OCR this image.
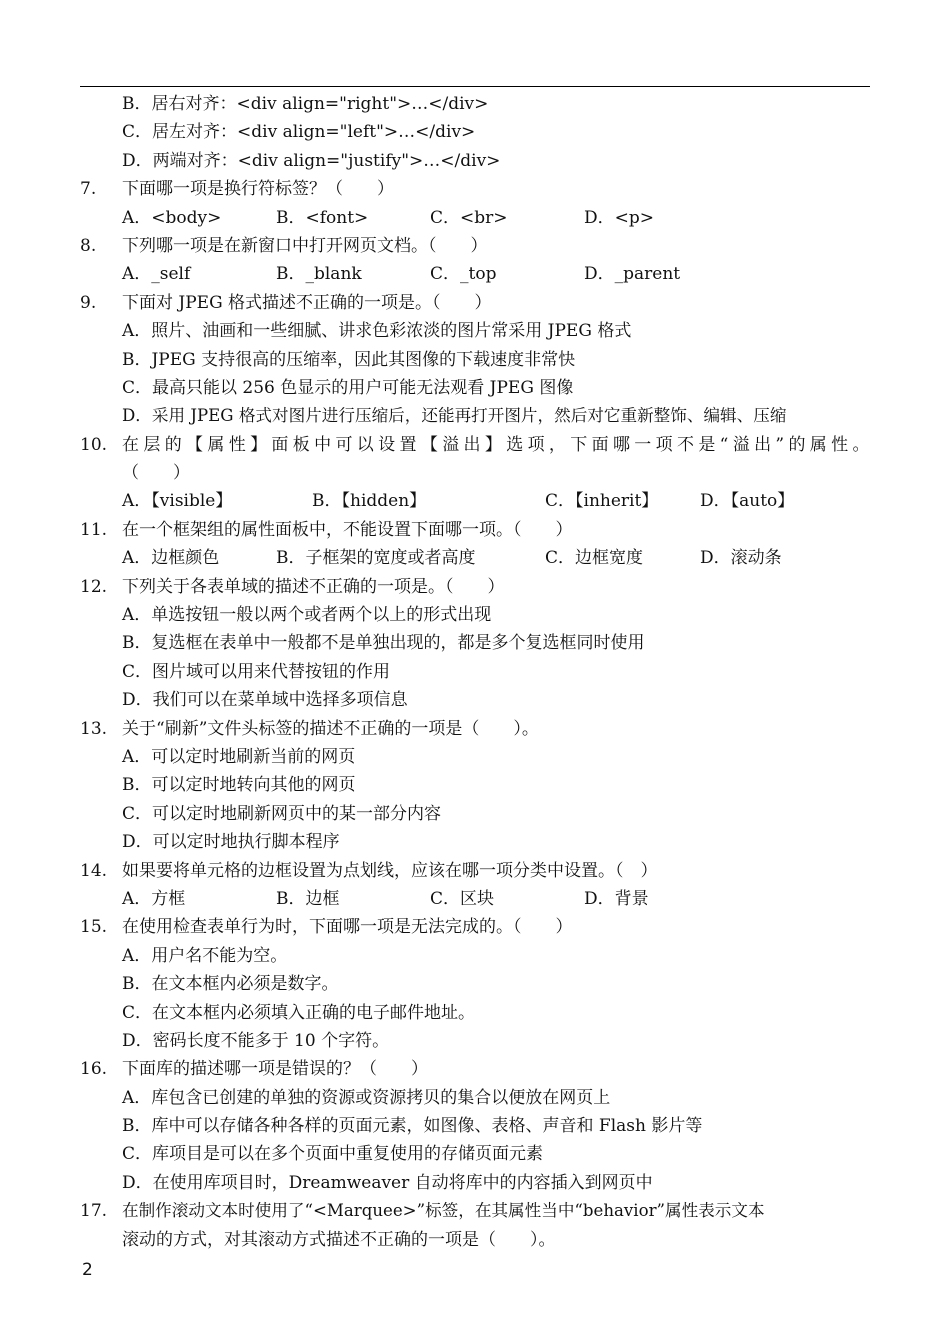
B．居右对齐：<div align="right">…</div>
C．居左对齐：<div align="left">…</div>
D．两端对齐：<div align="justify">…</div>
7. 下面哪一项是换行符标签？（　　）
A．<body>	B．<font>	C．<br>	D．<p>
8. 下列哪一项是在新窗口中打开网页文档。（　　）
A．_self	B．_blank	C．_top	D．_parent
9. 下面对 JPEG 格式描述不正确的一项是。（　　）
A．照片、油画和一些细腻、讲求色彩浓淡的图片常采用 JPEG 格式
B．JPEG 支持很高的压缩率，因此其图像的下载速度非常快
C．最高只能以 256 色显示的用户可能无法观看 JPEG 图像
D．采用 JPEG 格式对图片进行压缩后，还能再打开图片，然后对它重新整饰、编辑、压缩
10. 在层的【属性】面板中可以设置【溢出】选项，下面哪一项不是“溢出”的属性。
（　　）
A．【visible】	B．【hidden】	C．【inherit】 D．【auto】
11. 在一个框架组的属性面板中，不能设置下面哪一项。（　　）
A．边框颜色	B．子框架的宽度或者高度	C．边框宽度	D．滚动条
12. 下列关于各表单域的描述不正确的一项是。（　　）
A．单选按钮一般以两个或者两个以上的形式出现
B．复选框在表单中一般都不是单独出现的，都是多个复选框同时使用
C．图片域可以用来代替按钮的作用
D．我们可以在菜单域中选择多项信息
13. 关于“刷新”文件头标签的描述不正确的一项是（　　）。
A．可以定时地刷新当前的网页
B．可以定时地转向其他的网页
C．可以定时地刷新网页中的某一部分内容
D．可以定时地执行脚本程序
14. 如果要将单元格的边框设置为点划线，应该在哪一项分类中设置。（　）
A．方框	B．边框	C．区块	D．背景
15. 在使用检查表单行为时，下面哪一项是无法完成的。（　　）
A．用户名不能为空。
B．在文本框内必须是数字。
C．在文本框内必须填入正确的电子邮件地址。
D．密码长度不能多于 10 个字符。
16. 下面库的描述哪一项是错误的？（　　）
A．库包含已创建的单独的资源或资源拷贝的集合以便放在网页上
B．库中可以存储各种各样的页面元素，如图像、表格、声音和 Flash 影片等
C．库项目是可以在多个页面中重复使用的存储页面元素
D．在使用库项目时，Dreamweaver 自动将库中的内容插入到网页中
17. 在制作滚动文本时使用了“<Marquee>”标签，在其属性当中“behavior”属性表示文本
滚动的方式，对其滚动方式描述不正确的一项是（　　）。
2
